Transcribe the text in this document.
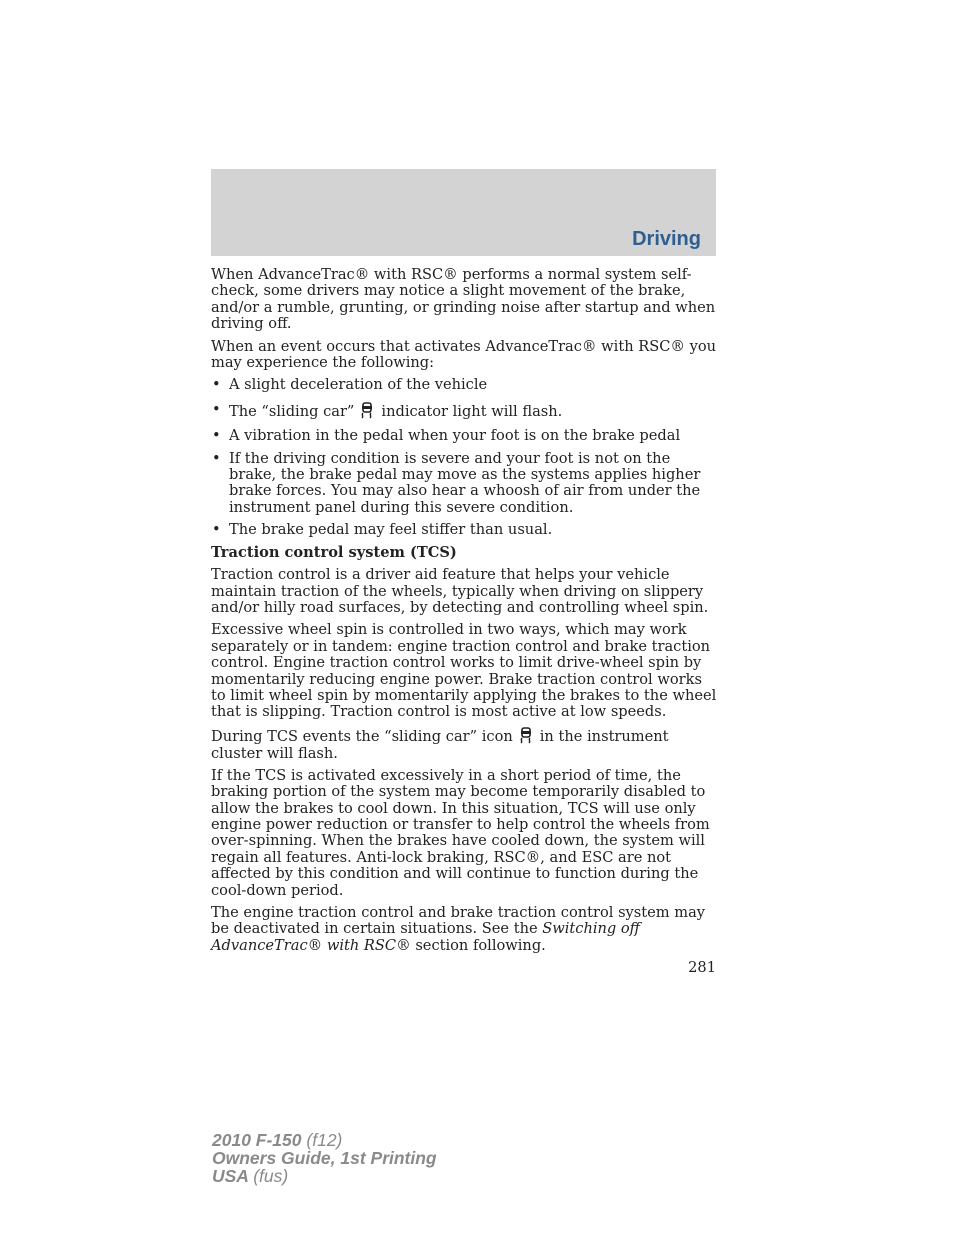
Driving

When AdvanceTrac® with RSC® performs a normal system self-check, some drivers may notice a slight movement of the brake, and/or a rumble, grunting, or grinding noise after startup and when driving off.

When an event occurs that activates AdvanceTrac® with RSC® you may experience the following:

• A slight deceleration of the vehicle
• The “sliding car” indicator light will flash.
• A vibration in the pedal when your foot is on the brake pedal
• If the driving condition is severe and your foot is not on the brake, the brake pedal may move as the systems applies higher brake forces. You may also hear a whoosh of air from under the instrument panel during this severe condition.
• The brake pedal may feel stiffer than usual.
Traction control system (TCS)

Traction control is a driver aid feature that helps your vehicle maintain traction of the wheels, typically when driving on slippery and/or hilly road surfaces, by detecting and controlling wheel spin.

Excessive wheel spin is controlled in two ways, which may work separately or in tandem: engine traction control and brake traction control. Engine traction control works to limit drive-wheel spin by momentarily reducing engine power. Brake traction control works to limit wheel spin by momentarily applying the brakes to the wheel that is slipping. Traction control is most active at low speeds.

During TCS events the “sliding car” icon in the instrument cluster will flash.

If the TCS is activated excessively in a short period of time, the braking portion of the system may become temporarily disabled to allow the brakes to cool down. In this situation, TCS will use only engine power reduction or transfer to help control the wheels from over-spinning. When the brakes have cooled down, the system will regain all features. Anti-lock braking, RSC®, and ESC are not affected by this condition and will continue to function during the cool-down period.

The engine traction control and brake traction control system may be deactivated in certain situations. See the Switching off AdvanceTrac® with RSC® section following.

281
2010 F-150 (f12)
Owners Guide, 1st Printing
USA (fus)
